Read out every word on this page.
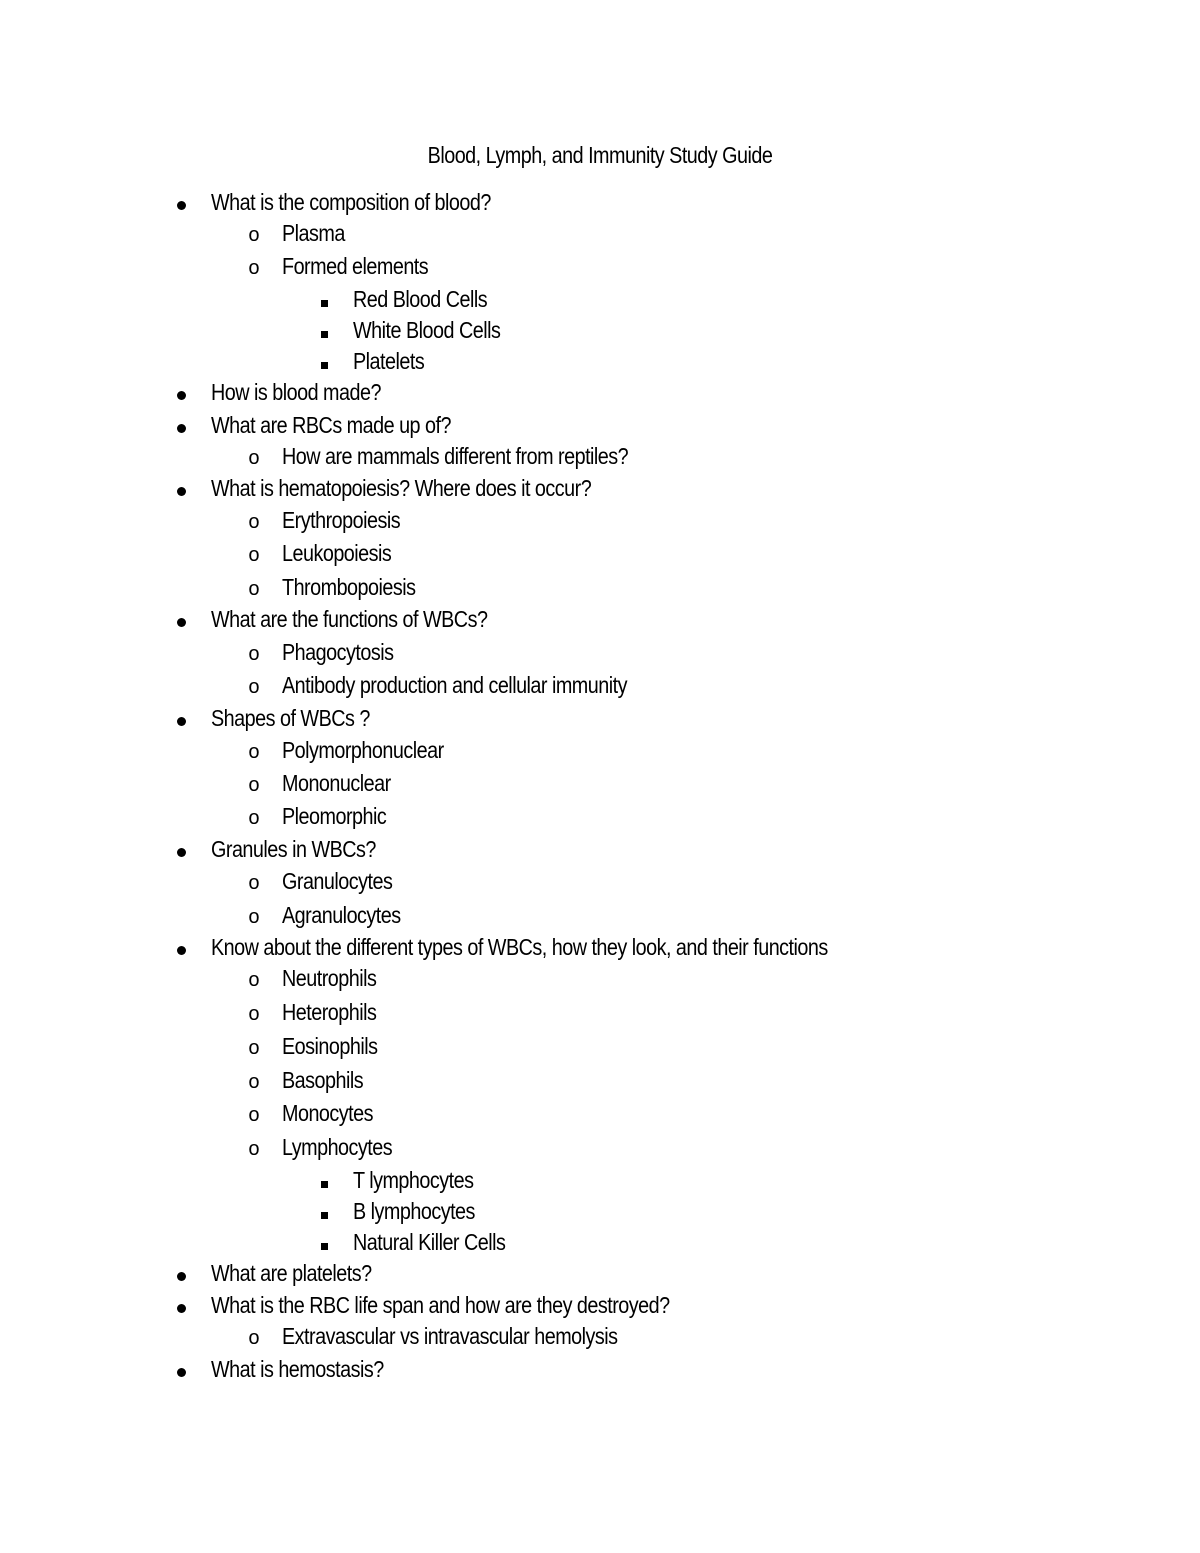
Blood, Lymph, and Immunity Study Guide
What is the composition of blood?
o Plasma
o Formed elements
Red Blood Cells
White Blood Cells
Platelets
How is blood made?
What are RBCs made up of?
o How are mammals different from reptiles?
What is hematopoiesis? Where does it occur?
o Erythropoiesis
o Leukopoiesis
o Thrombopoiesis
What are the functions of WBCs?
o Phagocytosis
o Antibody production and cellular immunity
Shapes of WBCs ?
o Polymorphonuclear
o Mononuclear
o Pleomorphic
Granules in WBCs?
o Granulocytes
o Agranulocytes
Know about the different types of WBCs, how they look, and their functions
o Neutrophils
o Heterophils
o Eosinophils
o Basophils
o Monocytes
o Lymphocytes
T lymphocytes
B lymphocytes
Natural Killer Cells
What are platelets?
What is the RBC life span and how are they destroyed?
o Extravascular vs intravascular hemolysis
What is hemostasis?
